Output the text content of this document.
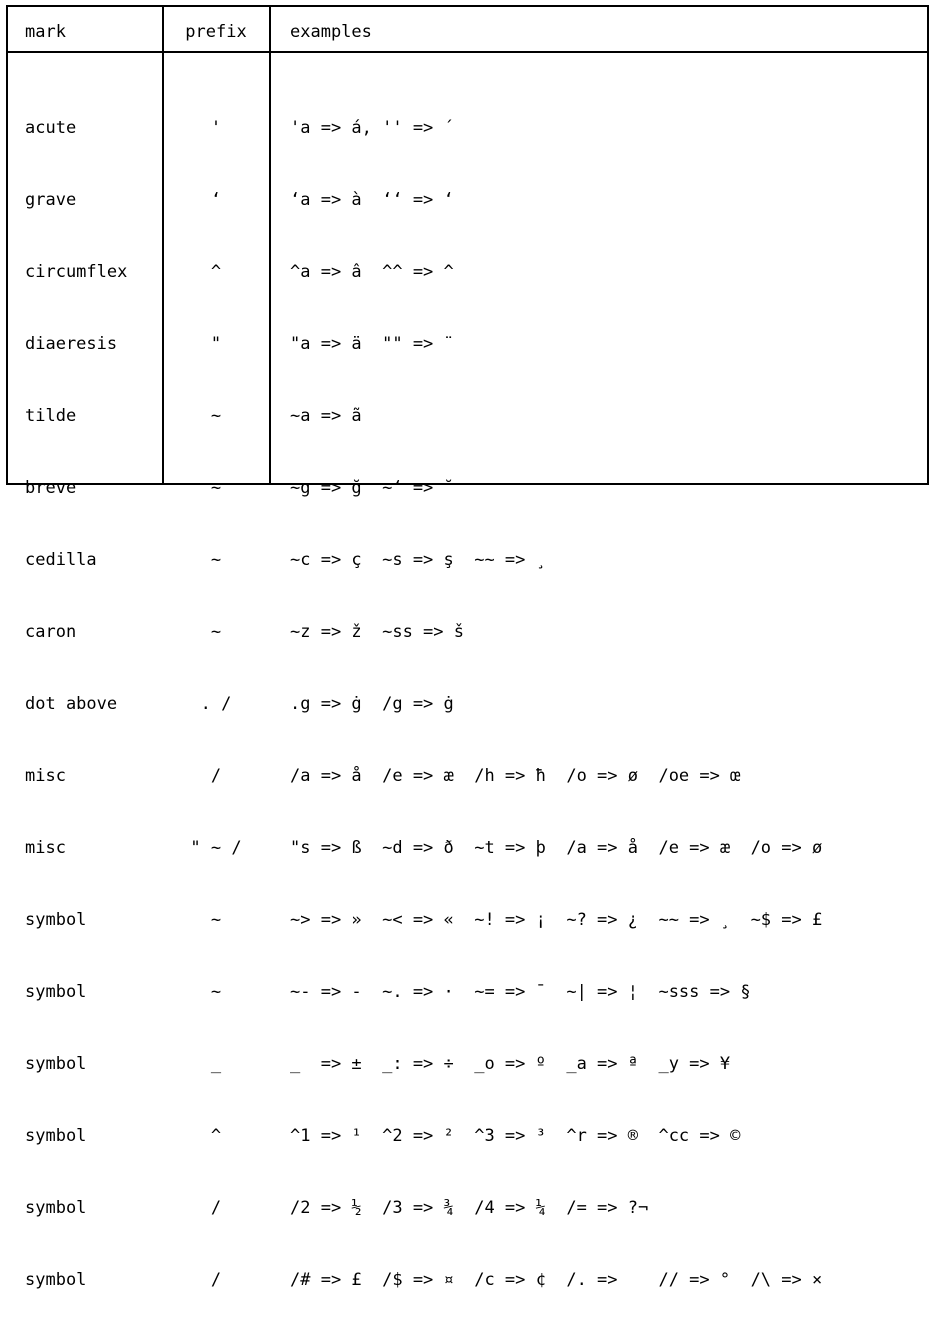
mark	prefix	examples

acute

grave

circumflex

diaeresis

tilde

breve

cedilla

caron

dot above

misc

misc

symbol

symbol

symbol

symbol

symbol

symbol

'

‘

^

"

~

~

~

~

. /

/

" ~ /

~

~

_

^

/

/

'a => á, '' => ´

‘a => à  ‘‘ => ‘

^a => â  ^^ => ^

"a => ä  "" => ¨

~a => ã

~g => ğ  ~‘ => ˘

~c => ç  ~s => ş  ~~ => ¸

~z => ž  ~ss => š

.g => ġ  /g => ġ

/a => å  /e => æ  /h => ħ  /o => ø  /oe => œ

"s => ß  ~d => ð  ~t => þ  /a => å  /e => æ  /o => ø

~> => »  ~< => «  ~! => ¡  ~? => ¿  ~~ => ¸  ~$ => £

~- => -  ~. => ·  ~= => ¯  ~| => ¦  ~sss => §

_  => ±  _: => ÷  _o => º  _a => ª  _y => ¥

^1 => ¹  ^2 => ²  ^3 => ³  ^r => ®  ^cc => ©

/2 => ½  /3 => ¾  /4 => ¼  /= => ?¬

/# => £  /$ => ¤  /c => ¢  /. =>    // => °  /\ => ×
